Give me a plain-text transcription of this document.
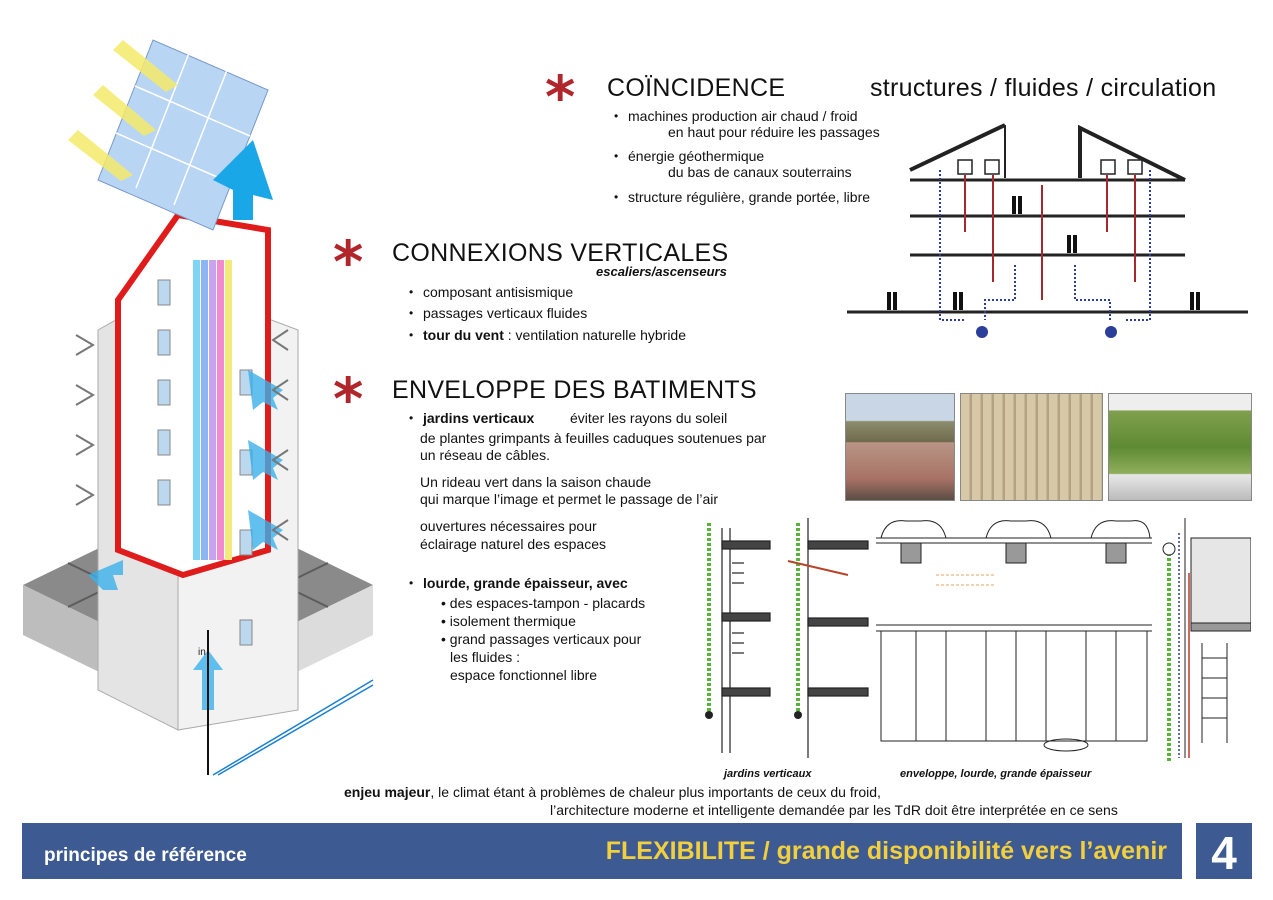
in
* COÏNCIDENCE	structures / fluides / circulation
• machines production air chaud / froid
en haut pour réduire les passages
• énergie géothermique
du bas de canaux souterrains
• structure régulière, grande portée, libre
* CONNEXIONS VERTICALES
escaliers/ascenseurs
• composant antisismique
• passages verticaux fluides
• tour du vent : ventilation naturelle hybride
* ENVELOPPE DES BATIMENTS
• jardins verticaux	éviter les rayons du soleil
de plantes grimpants à feuilles caduques soutenues par
un réseau de câbles.
Un rideau vert dans la saison chaude
qui marque l’image et permet le passage de l’air
ouvertures nécessaires pour
éclairage naturel des espaces
• lourde, grande épaisseur, avec
• des espaces-tampon - placards
• isolement thermique
• grand passages verticaux pour
les fluides :
espace fonctionnel libre
jardins verticaux	enveloppe, lourde, grande épaisseur
enjeu majeur, le climat étant à problèmes de chaleur plus importants de ceux du froid,
l’architecture moderne et intelligente demandée par les TdR doit être interprétée en ce sens
principes de référence	FLEXIBILITE / grande disponibilité vers l’avenir 4
